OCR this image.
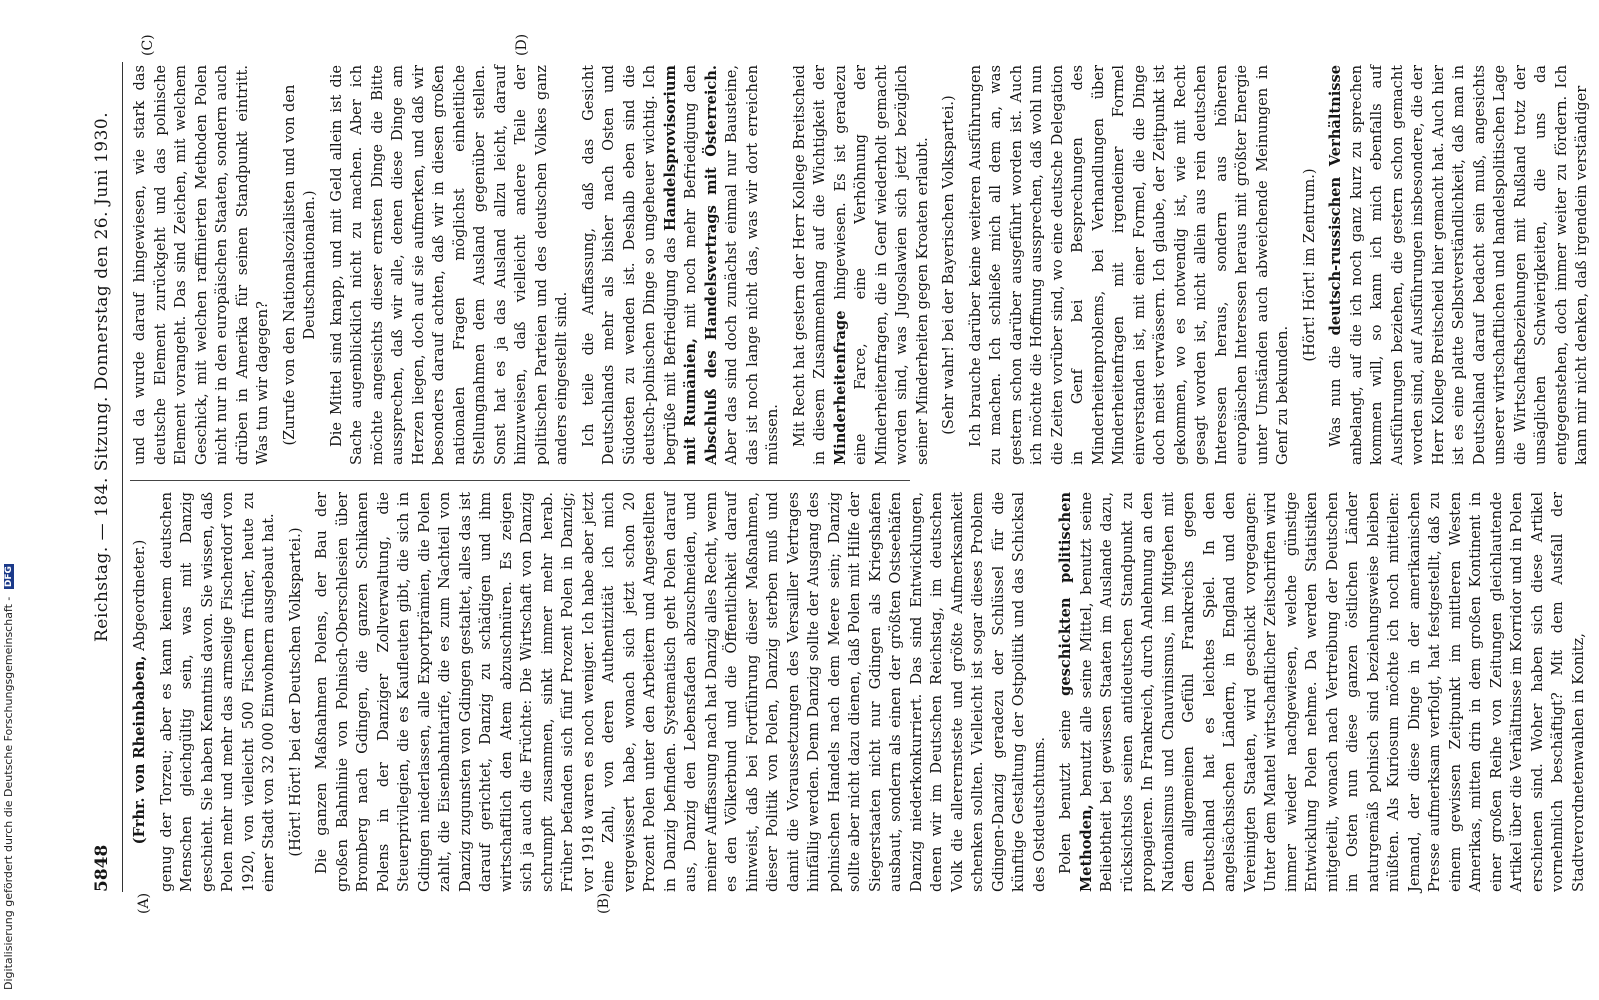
5848
Reichstag. — 184. Sitzung. Donnerstag den 26. Juni 1930.
(A)	(B)
(C)	(D)

(Frhr. von Rheinbaben, Abgeordneter.) genug der Torzeu; aber es kann keinem deutschen Menschen gleichgültig sein, was mit Danzig geschieht. Sie haben Kenntnis davon. Sie wissen, daß Polen mehr und mehr das armselige Fischerdorf von 1920, von vielleicht 500 Fischern früher, heute zu einer Stadt von 32 000 Einwohnern ausgebaut hat. (Hört! Hört! bei der Deutschen Volkspartei.) Die ganzen Maßnahmen Polens, der Bau der großen Bahnlinie von Polnisch-Oberschlesien über Bromberg nach Gdingen, die ganzen Schikanen Polens in der Danziger Zollverwaltung, die Steuerprivilegien, die es Kaufleuten gibt, die sich in Gdingen niederlassen, alle Exportprämien, die Polen zahlt, die Eisenbahntarife, die es zum Nachteil von Danzig zugunsten von Gdingen gestaltet, alles das ist darauf gerichtet, Danzig zu schädigen und ihm wirtschaftlich den Atem abzuschnüren. Es zeigen sich ja auch die Früchte: Die Wirtschaft von Danzig schrumpft zusammen, sinkt immer mehr herab. Früher befanden sich fünf Prozent Polen in Danzig; vor 1918 waren es noch weniger. Ich habe aber jetzt eine Zahl, von deren Authentizität ich mich vergewissert habe, wonach sich jetzt schon 20 Prozent Polen unter den Arbeitern und Angestellten in Danzig befinden. Systematisch geht Polen darauf aus, Danzig den Lebensfaden abzuschneiden, und meiner Auffassung nach hat Danzig alles Recht, wenn es den Völkerbund und die Öffentlichkeit darauf hinweist, daß bei Fortführung dieser Maßnahmen, dieser Politik von Polen, Danzig sterben muß und damit die Voraussetzungen des Versailler Vertrages hinfällig werden. Denn Danzig sollte der Ausgang des polnischen Handels nach dem Meere sein; Danzig sollte aber nicht dazu dienen, daß Polen mit Hilfe der Siegerstaaten nicht nur Gdingen als Kriegshafen ausbaut, sondern als einen der größten Ostseehäfen Danzig niederkonkurriert. Das sind Entwicklungen, denen wir im Deutschen Reichstag, im deutschen Volk die allerernsteste und größte Aufmerksamkeit schenken sollten. Vielleicht ist sogar dieses Problem Gdingen-Danzig geradezu der Schlüssel für die künftige Gestaltung der Ostpolitik und das Schicksal des Ostdeutschtums. Polen benutzt seine geschickten politischen Methoden, benutzt alle seine Mittel, benutzt seine Beliebtheit bei gewissen Staaten im Auslande dazu, rücksichtslos seinen antideutschen Standpunkt zu propagieren. In Frankreich, durch Anlehnung an den Nationalismus und Chauvinismus, im Mitgehen mit dem allgemeinen Gefühl Frankreichs gegen Deutschland hat es leichtes Spiel. In den angelsächsischen Ländern, in England und den Vereinigten Staaten, wird geschickt vorgegangen: Unter dem Mantel wirtschaftlicher Zeitschriften wird immer wieder nachgewiesen, welche günstige Entwicklung Polen nehme. Da werden Statistiken mitgeteilt, wonach nach Vertreibung der Deutschen im Osten nun diese ganzen östlichen Länder naturgemäß polnisch sind beziehungsweise bleiben müßten. Als Kuriosum möchte ich noch mitteilen: Jemand, der diese Dinge in der amerikanischen Presse aufmerksam verfolgt, hat festgestellt, daß zu einem gewissen Zeitpunkt im mittleren Westen Amerikas, mitten drin in dem großen Kontinent in einer großen Reihe von Zeitungen gleichlautende Artikel über die Verhältnisse im Korridor und in Polen erschienen sind. Woher haben sich diese Artikel vornehmlich beschäftigt? Mit dem Ausfall der Stadtverordnetenwahlen in Konitz,

und da wurde darauf hingewiesen, wie stark das deutsche Element zurückgeht und das polnische Element vorangeht. Das sind Zeichen, mit welchem Geschick, mit welchen raffinierten Methoden Polen nicht nur in den europäischen Staaten, sondern auch drüben in Amerika für seinen Standpunkt eintritt. Was tun wir dagegen? (Zurufe von den Nationalsozialisten und von den Deutschnationalen.) Die Mittel sind knapp, und mit Geld allein ist die Sache augenblicklich nicht zu machen. Aber ich möchte angesichts dieser ernsten Dinge die Bitte aussprechen, daß wir alle, denen diese Dinge am Herzen liegen, doch auf sie aufmerken, und daß wir besonders darauf achten, daß wir in diesen großen nationalen Fragen möglichst einheitliche Stellungnahmen dem Ausland gegenüber stellen. Sonst hat es ja das Ausland allzu leicht, darauf hinzuweisen, daß vielleicht andere Teile der politischen Parteien und des deutschen Volkes ganz anders eingestellt sind. Ich teile die Auffassung, daß das Gesicht Deutschlands mehr als bisher nach Osten und Südosten zu wenden ist. Deshalb eben sind die deutsch-polnischen Dinge so ungeheuer wichtig. Ich begrüße mit Befriedigung das Handelsprovisorium mit Rumänien, mit noch mehr Befriedigung den Abschluß des Handelsvertrags mit Österreich. Aber das sind doch zunächst einmal nur Bausteine, das ist noch lange nicht das, was wir dort erreichen müssen. Mit Recht hat gestern der Herr Kollege Breitscheid in diesem Zusammenhang auf die Wichtigkeit der Minderheitenfrage hingewiesen. Es ist geradezu eine Farce, eine Verhöhnung der Minderheitenfragen, die in Genf wiederholt gemacht worden sind, was Jugoslawien sich jetzt bezüglich seiner Minderheiten gegen Kroaten erlaubt. (Sehr wahr! bei der Bayerischen Volkspartei.) Ich brauche darüber keine weiteren Ausführungen zu machen. Ich schließe mich all dem an, was gestern schon darüber ausgeführt worden ist. Auch ich möchte die Hoffnung aussprechen, daß wohl nun die Zeiten vorüber sind, wo eine deutsche Delegation in Genf bei Besprechungen des Minderheitenproblems, bei Verhandlungen über Minderheitenfragen mit irgendeiner Formel einverstanden ist, mit einer Formel, die die Dinge doch meist verwässern. Ich glaube, der Zeitpunkt ist gekommen, wo es notwendig ist, wie mit Recht gesagt worden ist, nicht allein aus rein deutschen Interessen heraus, sondern aus höheren europäischen Interessen heraus mit größter Energie unter Umständen auch abweichende Meinungen in Genf zu bekunden.

(Hört! Hört! im Zentrum.)

Was nun die deutsch-russischen Verhältnisse anbelangt, auf die ich noch ganz kurz zu sprechen kommen will, so kann ich mich ebenfalls auf Ausführungen beziehen, die gestern schon gemacht worden sind, auf Ausführungen insbesondere, die der Herr Kollege Breitscheid hier gemacht hat. Auch hier ist es eine platte Selbstverständlichkeit, daß man in Deutschland darauf bedacht sein muß, angesichts unserer wirtschaftlichen und handelspolitischen Lage die Wirtschaftsbeziehungen mit Rußland trotz der unsäglichen Schwierigkeiten, die uns da entgegenstehen, doch immer weiter zu fördern. Ich kann mir nicht denken, daß irgendein verständiger

Digitalisierung gefördert durch die Deutsche Forschungsgemeinschaft - DFG
